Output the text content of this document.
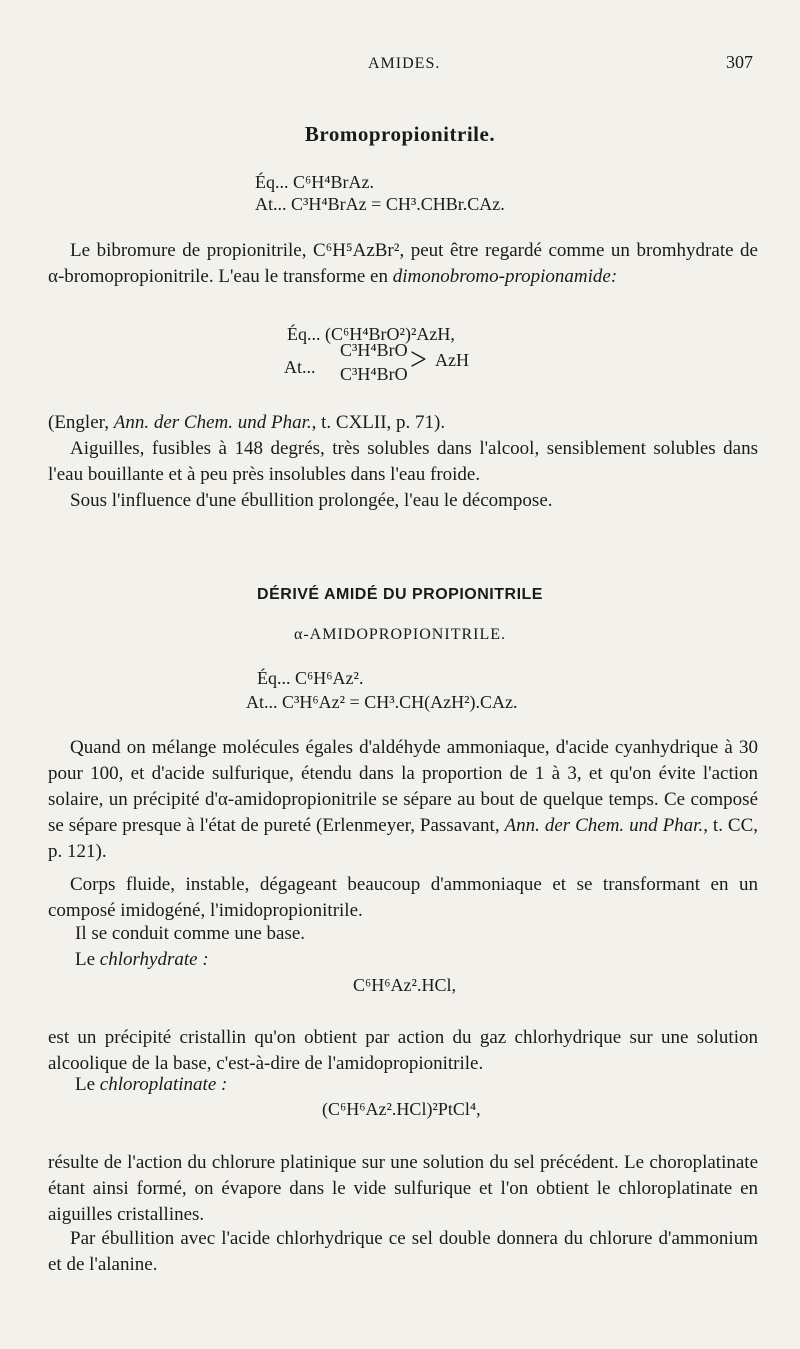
AMIDES.	307
Bromopropionitrile.
Éq... C⁶H⁴BrAz.
At... C³H⁴BrAz = CH³.CHBr.CAz.

Le bibromure de propionitrile, C⁶H⁵AzBr², peut être regardé comme un bromhydrate de α-bromopropionitrile. L'eau le transforme en dimonobromo-propionamide:

Éq... (C⁶H⁴BrO²)²AzH,
At...
C³H⁴BrO
C³H⁴BrO > AzH

(Engler, Ann. der Chem. und Phar., t. CXLII, p. 71).

Aiguilles, fusibles à 148 degrés, très solubles dans l'alcool, sensiblement solubles dans l'eau bouillante et à peu près insolubles dans l'eau froide.

Sous l'influence d'une ébullition prolongée, l'eau le décompose.

DÉRIVÉ AMIDÉ DU PROPIONITRILE
α-AMIDOPROPIONITRILE.
Éq... C⁶H⁶Az².
At... C³H⁶Az² = CH³.CH(AzH²).CAz.

Quand on mélange molécules égales d'aldéhyde ammoniaque, d'acide cyanhydrique à 30 pour 100, et d'acide sulfurique, étendu dans la proportion de 1 à 3, et qu'on évite l'action solaire, un précipité d'α-amidopropionitrile se sépare au bout de quelque temps. Ce composé se sépare presque à l'état de pureté (Erlenmeyer, Passavant, Ann. der Chem. und Phar., t. CC, p. 121).

Corps fluide, instable, dégageant beaucoup d'ammoniaque et se transformant en un composé imidogéné, l'imidopropionitrile.

Il se conduit comme une base.
Le chlorhydrate :
C⁶H⁶Az².HCl,

est un précipité cristallin qu'on obtient par action du gaz chlorhydrique sur une solution alcoolique de la base, c'est-à-dire de l'amidopropionitrile.

Le chloroplatinate :
(C⁶H⁶Az².HCl)²PtCl⁴,

résulte de l'action du chlorure platinique sur une solution du sel précédent. Le choroplatinate étant ainsi formé, on évapore dans le vide sulfurique et l'on obtient le chloroplatinate en aiguilles cristallines.

Par ébullition avec l'acide chlorhydrique ce sel double donnera du chlorure d'ammonium et de l'alanine.
